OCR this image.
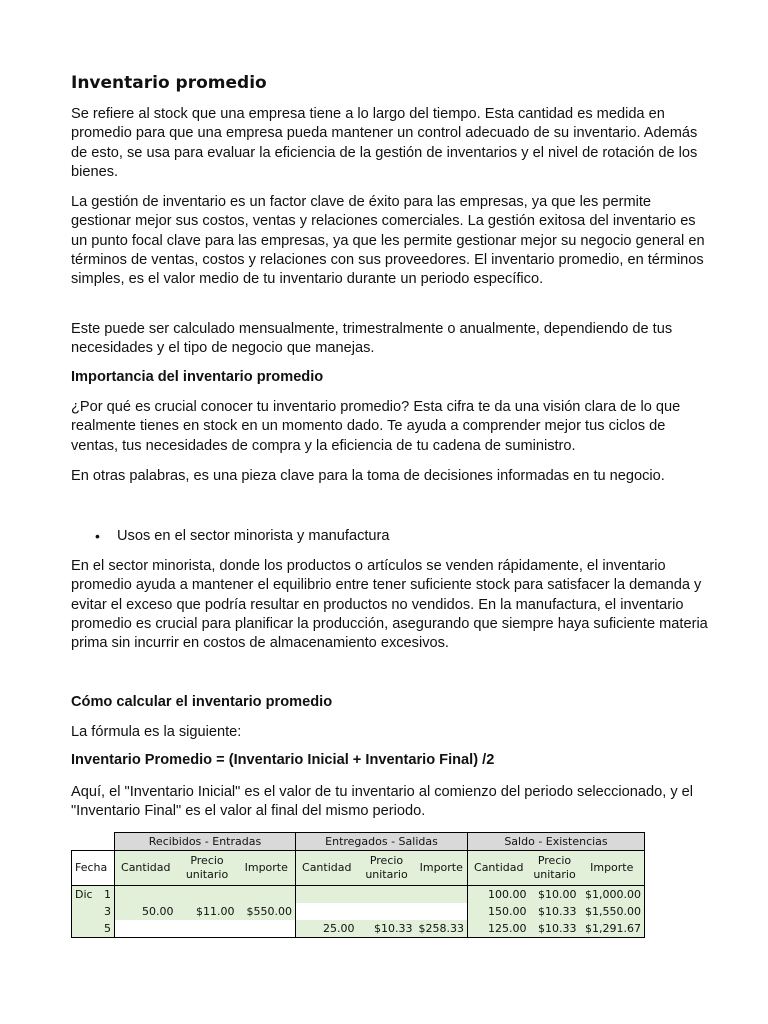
Inventario promedio

Se refiere al stock que una empresa tiene a lo largo del tiempo. Esta cantidad es medida en promedio para que una empresa pueda mantener un control adecuado de su inventario. Además de esto, se usa para evaluar la eficiencia de la gestión de inventarios y el nivel de rotación de los bienes.

La gestión de inventario es un factor clave de éxito para las empresas, ya que les permite gestionar mejor sus costos, ventas y relaciones comerciales. La gestión exitosa del inventario es un punto focal clave para las empresas, ya que les permite gestionar mejor su negocio general en términos de ventas, costos y relaciones con sus proveedores. El inventario promedio, en términos simples, es el valor medio de tu inventario durante un periodo específico.

Este puede ser calculado mensualmente, trimestralmente o anualmente, dependiendo de tus necesidades y el tipo de negocio que manejas.

Importancia del inventario promedio

¿Por qué es crucial conocer tu inventario promedio? Esta cifra te da una visión clara de lo que realmente tienes en stock en un momento dado. Te ayuda a comprender mejor tus ciclos de ventas, tus necesidades de compra y la eficiencia de tu cadena de suministro.

En otras palabras, es una pieza clave para la toma de decisiones informadas en tu negocio.

• Usos en el sector minorista y manufactura

En el sector minorista, donde los productos o artículos se venden rápidamente, el inventario promedio ayuda a mantener el equilibrio entre tener suficiente stock para satisfacer la demanda y evitar el exceso que podría resultar en productos no vendidos. En la manufactura, el inventario promedio es crucial para planificar la producción, asegurando que siempre haya suficiente materia prima sin incurrir en costos de almacenamiento excesivos.

Cómo calcular el inventario promedio

La fórmula es la siguiente:

Inventario Promedio = (Inventario Inicial + Inventario Final) /2

Aquí, el "Inventario Inicial" es el valor de tu inventario al comienzo del periodo seleccionado, y el "Inventario Final" es el valor al final del mismo periodo.

	Recibidos - Entradas			Entregados - Salidas			Saldo - Existencias		
Fecha	Cantidad	Precio unitario	Importe	Cantidad	Precio unitario	Importe	Cantidad	Precio unitario	Importe
Dic 1							100.00	$10.00	$1,000.00

3	50.00	$11.00	$550.00				150.00	$10.33	$1,550.00

5				25.00	$10.33	$258.33	125.00	$10.33	$1,291.67
